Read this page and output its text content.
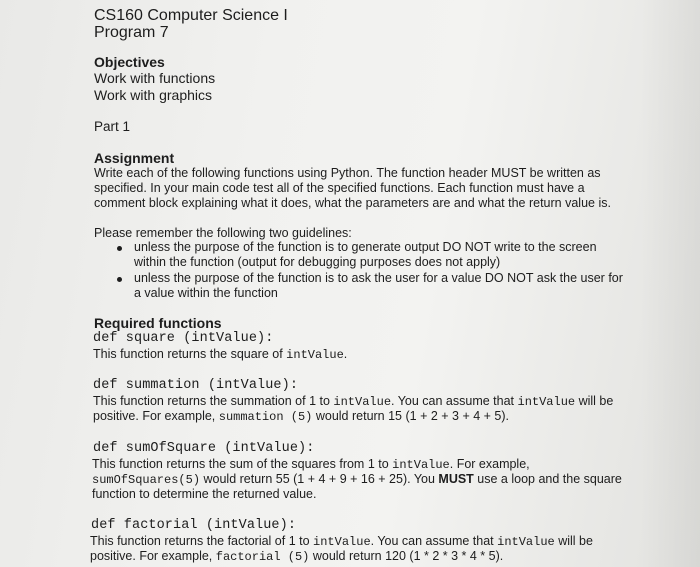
CS160 Computer Science I
Program 7
Objectives
Work with functions
Work with graphics
Part 1
Assignment
Write each of the following functions using Python. The function header MUST be written as
specified. In your main code test all of the specified functions. Each function must have a
comment block explaining what it does, what the parameters are and what the return value is.
Please remember the following two guidelines:
unless the purpose of the function is to generate output DO NOT write to the screen
within the function (output for debugging purposes does not apply)
unless the purpose of the function is to ask the user for a value DO NOT ask the user for
a value within the function
Required functions
def square (intValue):
This function returns the square of intValue.
def summation (intValue):
This function returns the summation of 1 to intValue. You can assume that intValue will be
positive. For example, summation (5) would return 15 (1 + 2 + 3 + 4 + 5).
def sumOfSquare (intValue):
This function returns the sum of the squares from 1 to intValue. For example,
sumOfSquares(5) would return 55 (1 + 4 + 9 + 16 + 25). You MUST use a loop and the square
function to determine the returned value.
def factorial (intValue):
This function returns the factorial of 1 to intValue. You can assume that intValue will be
positive. For example, factorial (5) would return 120 (1 * 2 * 3 * 4 * 5).
